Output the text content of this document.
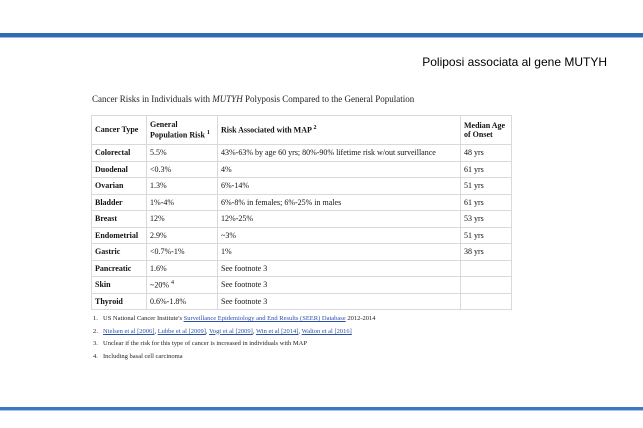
Poliposi associata al gene MUTYH
Cancer Risks in Individuals with MUTYH Polyposis Compared to the General Population
Cancer Type	General Population Risk $^1$	Risk Associated with MAP $^2$	Median Age of Onset
Colorectal	5.5%	43%-63% by age 60 yrs; 80%-90% lifetime risk w/out surveillance	48 yrs
Duodenal	<0.3%	4%	61 yrs
Ovarian	1.3%	6%-14%	51 yrs
Bladder	1%-4%	6%-8% in females; 6%-25% in males	61 yrs
Breast	12%	12%-25%	53 yrs
Endometrial	2.9%	~3%	51 yrs
Gastric	<0.7%-1%	1%	38 yrs
Pancreatic	1.6%	See footnote 3	
Skin	~20% $^4$	See footnote 3	
Thyroid	0.6%-1.8%	See footnote 3	
1. US National Cancer Institute's Surveillance Epidemiology and End Results (SEER) Database 2012-2014
2. Nielsen et al [2006], Lubbe et al [2009], Vogt et al [2009], Win et al [2014], Walton et al [2016]
3. Unclear if the risk for this type of cancer is increased in individuals with MAP
4. Including basal cell carcinoma
